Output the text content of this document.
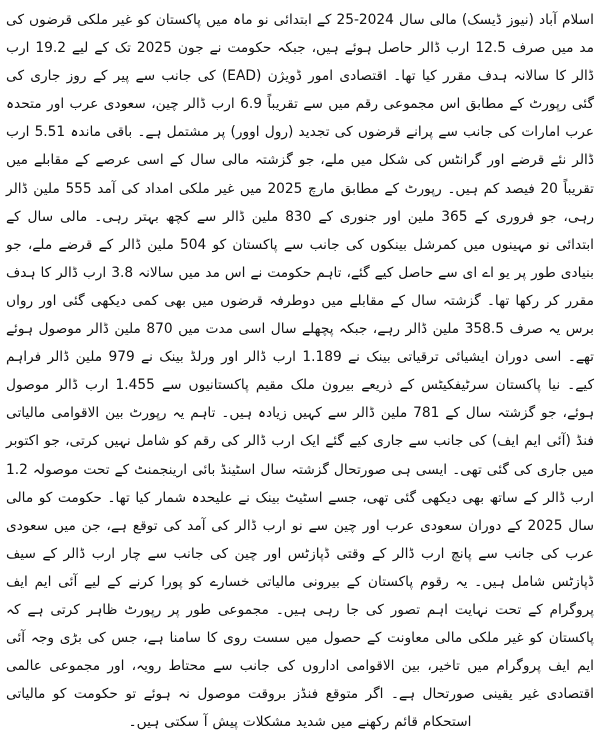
اسلام آباد (نیوز ڈیسک) مالی سال 2024-25 کے ابتدائی نو ماہ میں پاکستان کو غیر ملکی قرضوں کی مد میں صرف 12.5 ارب ڈالر حاصل ہوئے ہیں، جبکہ حکومت نے جون 2025 تک کے لیے 19.2 ارب ڈالر کا سالانہ ہدف مقرر کیا تھا۔ اقتصادی امور ڈویژن (EAD) کی جانب سے پیر کے روز جاری کی گئی رپورٹ کے مطابق اس مجموعی رقم میں سے تقریباً 6.9 ارب ڈالر چین، سعودی عرب اور متحدہ عرب امارات کی جانب سے پرانے قرضوں کی تجدید (رول اوور) پر مشتمل ہے۔ باقی ماندہ 5.51 ارب ڈالر نئے قرضے اور گرانٹس کی شکل میں ملے، جو گزشتہ مالی سال کے اسی عرصے کے مقابلے میں تقریباً 20 فیصد کم ہیں۔ رپورٹ کے مطابق مارچ 2025 میں غیر ملکی امداد کی آمد 555 ملین ڈالر رہی، جو فروری کے 365 ملین اور جنوری کے 830 ملین ڈالر سے کچھ بہتر رہی۔ مالی سال کے ابتدائی نو مہینوں میں کمرشل بینکوں کی جانب سے پاکستان کو 504 ملین ڈالر کے قرضے ملے، جو بنیادی طور پر یو اے ای سے حاصل کیے گئے، تاہم حکومت نے اس مد میں سالانہ 3.8 ارب ڈالر کا ہدف مقرر کر رکھا تھا۔ گزشتہ سال کے مقابلے میں دوطرفہ قرضوں میں بھی کمی دیکھی گئی اور رواں برس یہ صرف 358.5 ملین ڈالر رہے، جبکہ پچھلے سال اسی مدت میں 870 ملین ڈالر موصول ہوئے تھے۔ اسی دوران ایشیائی ترقیاتی بینک نے 1.189 ارب ڈالر اور ورلڈ بینک نے 979 ملین ڈالر فراہم کیے۔ نیا پاکستان سرٹیفکیٹس کے ذریعے بیرون ملک مقیم پاکستانیوں سے 1.455 ارب ڈالر موصول ہوئے، جو گزشتہ سال کے 781 ملین ڈالر سے کہیں زیادہ ہیں۔ تاہم یہ رپورٹ بین الاقوامی مالیاتی فنڈ (آئی ایم ایف) کی جانب سے جاری کیے گئے ایک ارب ڈالر کی رقم کو شامل نہیں کرتی، جو اکتوبر میں جاری کی گئی تھی۔ ایسی ہی صورتحال گزشتہ سال اسٹینڈ بائی ارینجمنٹ کے تحت موصولہ 1.2 ارب ڈالر کے ساتھ بھی دیکھی گئی تھی، جسے اسٹیٹ بینک نے علیحدہ شمار کیا تھا۔ حکومت کو مالی سال 2025 کے دوران سعودی عرب اور چین سے نو ارب ڈالر کی آمد کی توقع ہے، جن میں سعودی عرب کی جانب سے پانچ ارب ڈالر کے وقتی ڈپازٹس اور چین کی جانب سے چار ارب ڈالر کے سیف ڈپازٹس شامل ہیں۔ یہ رقوم پاکستان کے بیرونی مالیاتی خسارے کو پورا کرنے کے لیے آئی ایم ایف پروگرام کے تحت نہایت اہم تصور کی جا رہی ہیں۔ مجموعی طور پر رپورٹ ظاہر کرتی ہے کہ پاکستان کو غیر ملکی مالی معاونت کے حصول میں سست روی کا سامنا ہے، جس کی بڑی وجہ آئی ایم ایف پروگرام میں تاخیر، بین الاقوامی اداروں کی جانب سے محتاط رویہ، اور مجموعی عالمی اقتصادی غیر یقینی صورتحال ہے۔ اگر متوقع فنڈز بروقت موصول نہ ہوئے تو حکومت کو مالیاتی استحکام قائم رکھنے میں شدید مشکلات پیش آ سکتی ہیں۔
